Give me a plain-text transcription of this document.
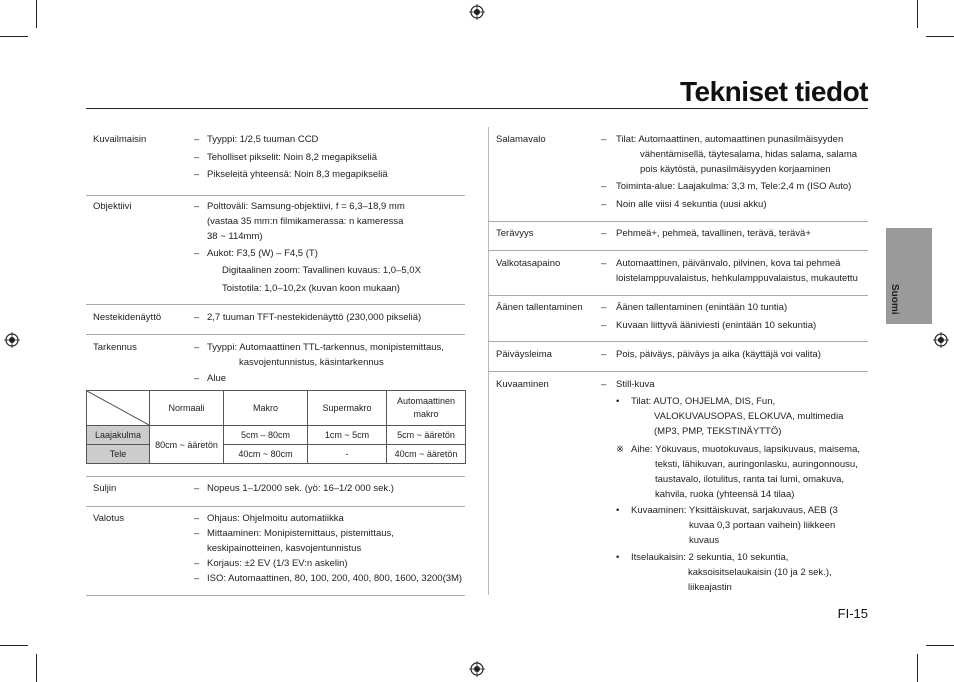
Tekniset tiedot
Suomi
Kuvailmaisin	– Tyyppi: 1/2,5 tuuman CCD
– Teholliset pikselit: Noin 8,2 megapikseliä
– Pikseleitä yhteensä: Noin 8,3 megapikseliä
Objektiivi	– Polttoväli: Samsung-objektiivi, f = 6,3–18,9 mm
(vastaa 35 mm:n filmikamerassa: n kameressa
38 ~ 114mm)
– Aukot: F3,5 (W) – F4,5 (T)
Digitaalinen zoom: Tavallinen kuvaus: 1,0–5,0X
Toistotila: 1,0–10,2x (kuvan koon mukaan)
Nestekidenäyttö	– 2,7 tuuman TFT-nestekidenäyttö (230,000 pikseliä)
Tarkennus	– Tyyppi: Automaattinen TTL-tarkennus, monipistemittaus,
kasvojentunnistus, käsintarkennus
– Alue
	Normaali	Makro	Supermakro	Automaattinen makro
Laajakulma	80cm ~ ääretön	5cm – 80cm	1cm ~ 5cm	5cm ~ ääretön
Tele		40cm ~ 80cm	-	40cm ~ ääretön
Suljin	– Nopeus 1–1/2000 sek. (yö: 16–1/2 000 sek.)
Valotus	– Ohjaus: Ohjelmoitu automatiikka
– Mittaaminen: Monipistemittaus, pistemittaus,
keskipainotteinen, kasvojentunnistus
– Korjaus: ±2 EV (1/3 EV:n askelin)
– ISO: Automaattinen, 80, 100, 200, 400, 800, 1600, 3200(3M)
Salamavalo	– Tilat: Automaattinen, automaattinen punasilmäisyyden
vähentämisellä, täytesalama, hidas salama, salama
pois käytöstä, punasilmäisyyden korjaaminen
– Toiminta-alue: Laajakulma: 3,3 m, Tele:2,4 m (ISO Auto)
– Noin alle viisi 4 sekuntia (uusi akku)
Terävyys	– Pehmeä+, pehmeä, tavallinen, terävä, terävä+
Valkotasapaino	– Automaattinen, päivänvalo, pilvinen, kova tai pehmeä
loistelamppuvalaistus, hehkulamppuvalaistus, mukautettu
Äänen tallentaminen – Äänen tallentaminen (enintään 10 tuntia)
– Kuvaan liittyvä ääniviesti (enintään 10 sekuntia)
Päiväysleima	– Pois, päiväys, päiväys ja aika (käyttäjä voi valita)
Kuvaaminen	– Still-kuva
• Tilat: AUTO, OHJELMA, DIS, Fun,
VALOKUVAUSOPAS, ELOKUVA, multimedia
(MP3, PMP, TEKSTINÄYTTÖ)
※ Aihe: Yökuvaus, muotokuvaus, lapsikuvaus, maisema,
teksti, lähikuvan, auringonlasku, auringonnousu,
taustavalo, ilotulitus, ranta tai lumi, omakuva,
kahvila, ruoka (yhteensä 14 tilaa)
• Kuvaaminen: Yksittäiskuvat, sarjakuvaus, AEB (3
kuvaa 0,3 portaan vaihein) liikkeen
kuvaus
• Itselaukaisin: 2 sekuntia, 10 sekuntia,
kaksoisitselaukaisin (10 ja 2 sek.),
liikeajastin
FI-15
